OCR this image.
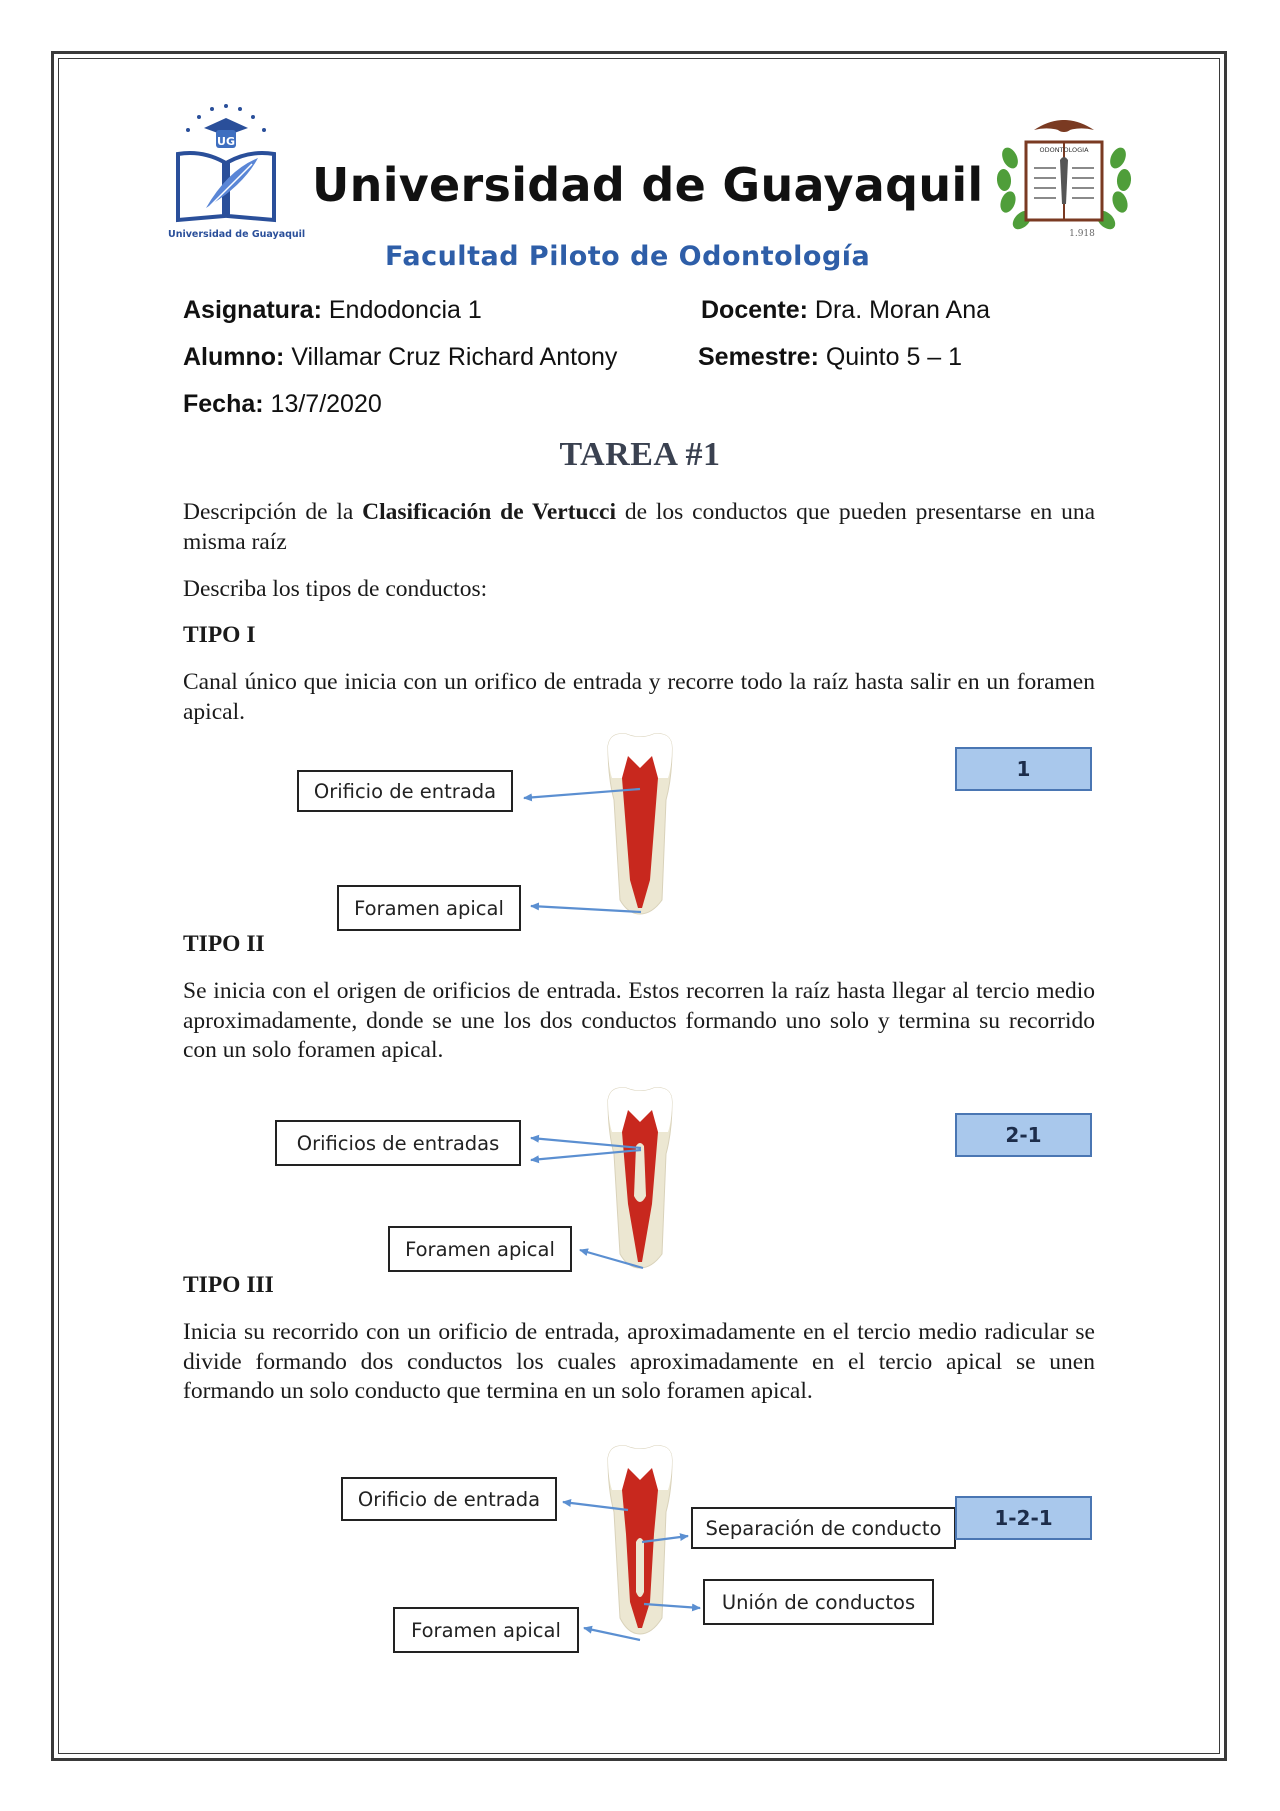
UG
Universidad de Guayaquil
Universidad de Guayaquil
ODONTOLOGIA
1.918
Facultad Piloto de Odontología
Asignatura: Endodoncia 1	Docente: Dra. Moran Ana
Alumno: Villamar Cruz Richard Antony	Semestre: Quinto 5 – 1
Fecha: 13/7/2020
TAREA #1
Descripción de la Clasificación de Vertucci de los conductos que pueden presentarse en una misma raíz
Describa los tipos de conductos:
TIPO I
Canal único que inicia con un orifico de entrada y recorre todo la raíz hasta salir en un foramen apical.
Orificio de entrada
Foramen apical
1
TIPO II
Se inicia con el origen de orificios de entrada. Estos recorren la raíz hasta llegar al tercio medio aproximadamente, donde se une los dos conductos formando uno solo y termina su recorrido con un solo foramen apical.
Orificios de entradas
Foramen apical
2-1
TIPO III
Inicia su recorrido con un orificio de entrada, aproximadamente en el tercio medio radicular se divide formando dos conductos los cuales aproximadamente en el tercio apical se unen formando un solo conducto que termina en un solo foramen apical.
Orificio de entrada
Separación de conducto
Unión de conductos
Foramen apical
1-2-1
